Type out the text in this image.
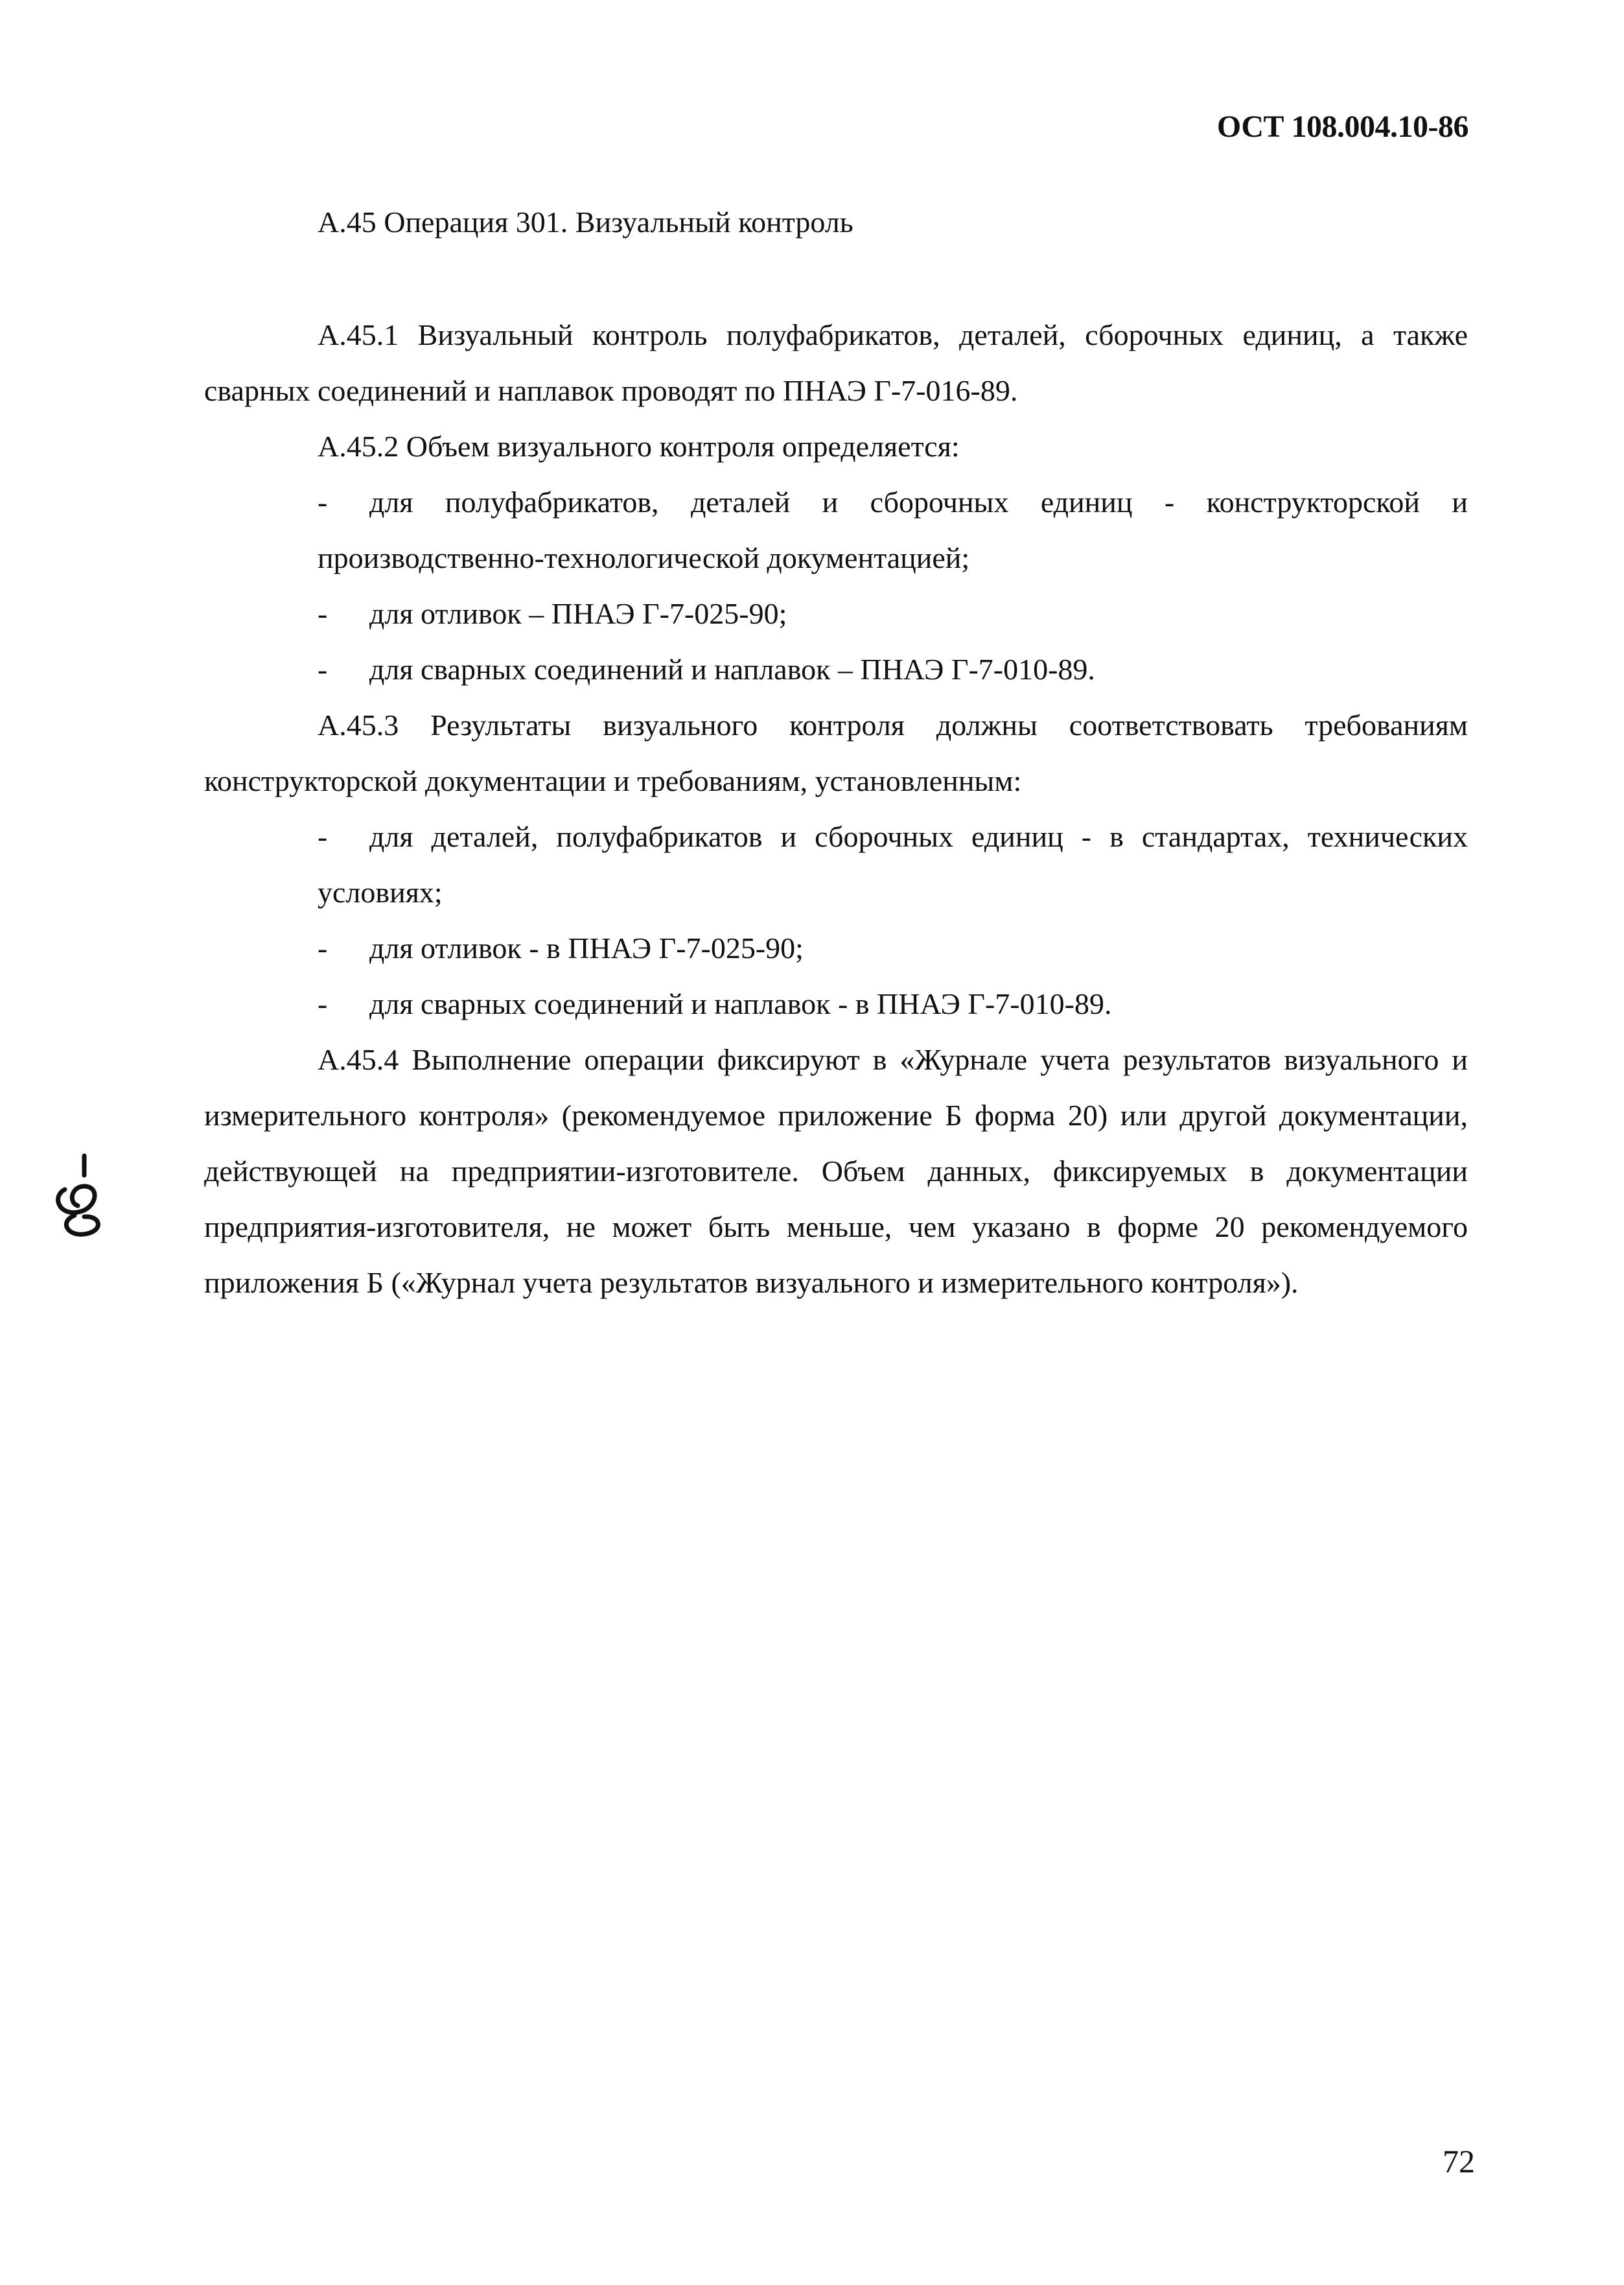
ОСТ 108.004.10-86

А.45 Операция 301. Визуальный контроль

А.45.1 Визуальный контроль полуфабрикатов, деталей, сборочных единиц, а также сварных соединений и наплавок проводят по ПНАЭ Г-7-016-89.

А.45.2 Объем визуального контроля определяется:

- для полуфабрикатов, деталей и сборочных единиц - конструкторской и производственно-технологической документацией;

- для отливок – ПНАЭ Г-7-025-90;

- для сварных соединений и наплавок – ПНАЭ Г-7-010-89.

А.45.3 Результаты визуального контроля должны соответствовать требованиям конструкторской документации и требованиям, установленным:

- для деталей, полуфабрикатов и сборочных единиц - в стандартах, технических условиях;

- для отливок - в ПНАЭ Г-7-025-90;

- для сварных соединений и наплавок - в ПНАЭ Г-7-010-89.

А.45.4 Выполнение операции фиксируют в «Журнале учета результатов визуального и измерительного контроля» (рекомендуемое приложение Б форма 20) или другой документации, действующей на предприятии-изготовителе. Объем данных, фиксируемых в документации предприятия-изготовителя, не может быть меньше, чем указано в форме 20 рекомендуемого приложения Б («Журнал учета результатов визуального и измерительного контроля»).

72
